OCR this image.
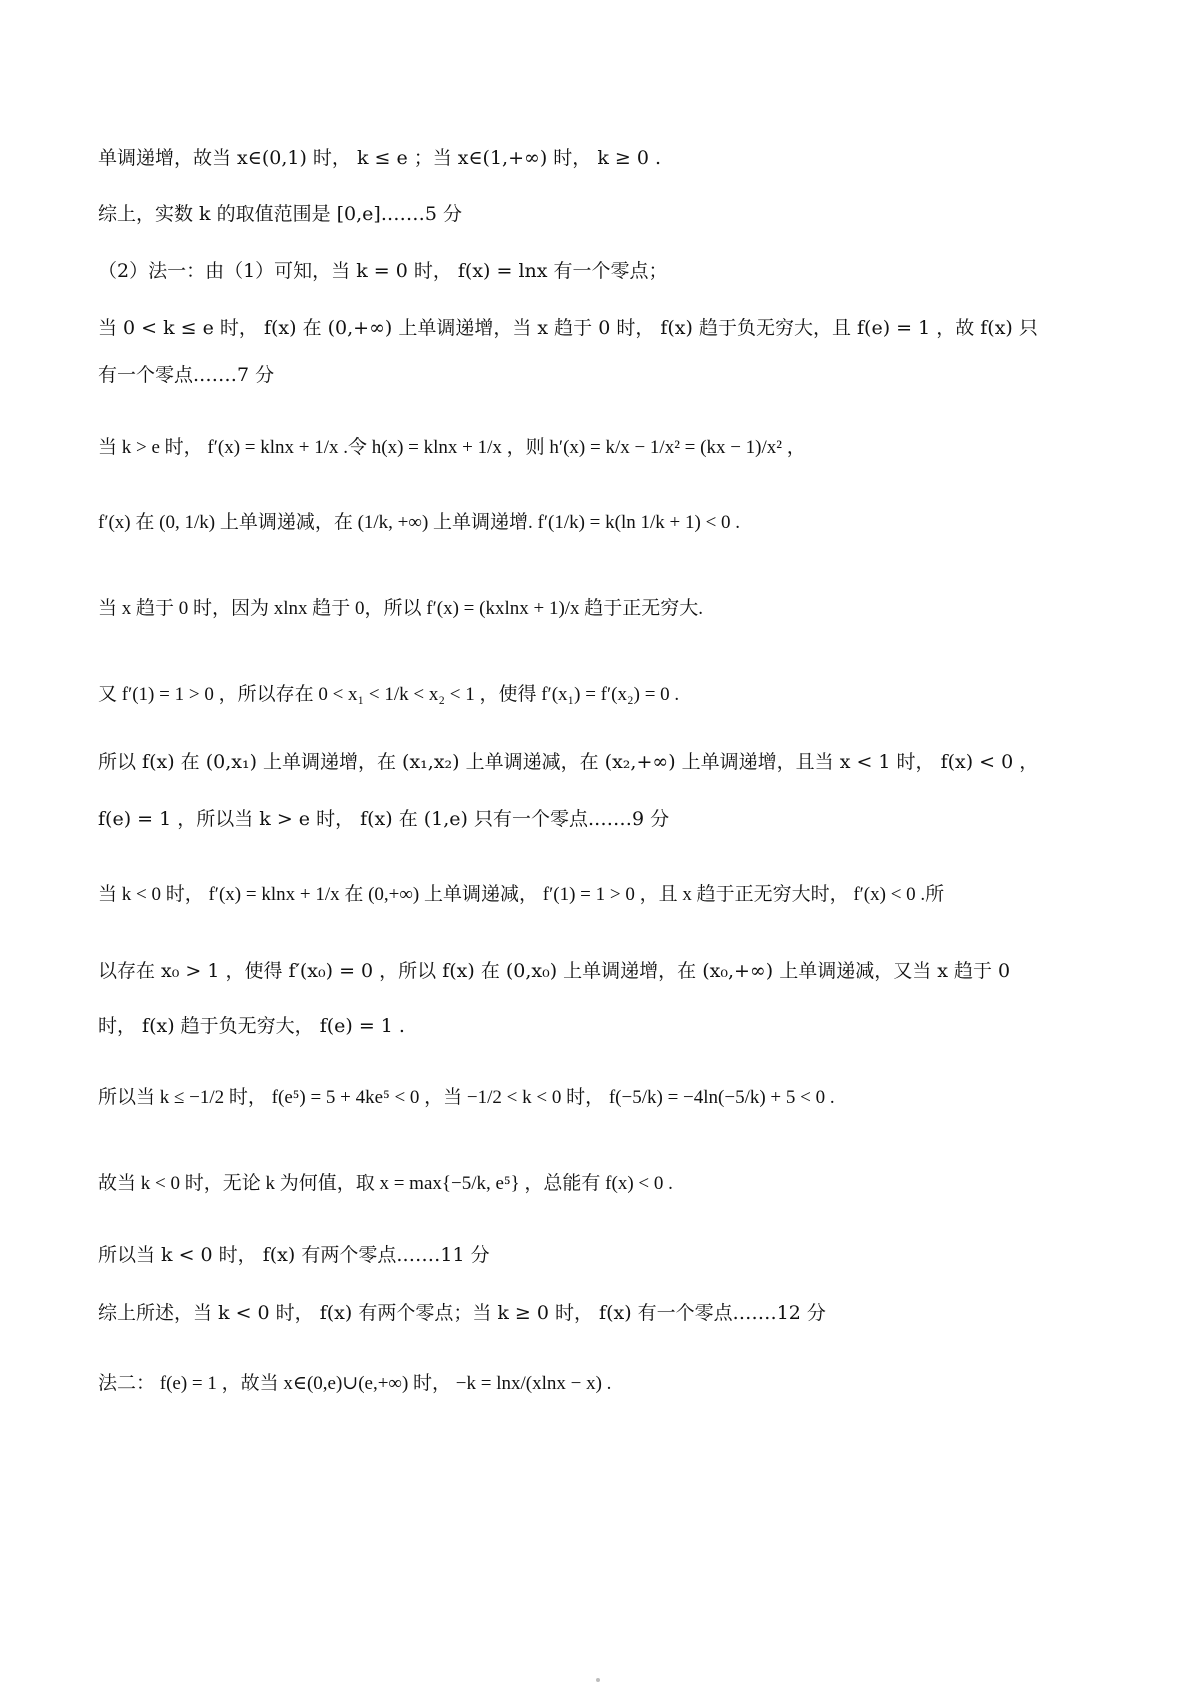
单调递增，故当 x∈(0,1) 时， k ≤ e ；当 x∈(1,+∞) 时， k ≥ 0 .
综上，实数 k 的取值范围是 [0,e].……5 分
（2）法一：由（1）可知，当 k = 0 时， f(x) = lnx 有一个零点；
当 0 < k ≤ e 时， f(x) 在 (0,+∞) 上单调递增，当 x 趋于 0 时， f(x) 趋于负无穷大，且 f(e) = 1 ，故 f(x) 只
有一个零点.……7 分
当 k > e 时， f′(x) = klnx + 1/x .令 h(x) = klnx + 1/x ，则 h′(x) = k/x − 1/x² = (kx − 1)/x² ，
f′(x) 在 (0, 1/k) 上单调递减，在 (1/k, +∞) 上单调递增. f′(1/k) = k(ln 1/k + 1) < 0 .
当 x 趋于 0 时，因为 xlnx 趋于 0，所以 f′(x) = (kxlnx + 1)/x 趋于正无穷大.
又 f′(1) = 1 > 0 ，所以存在 0 < x₁ < 1/k < x₂ < 1 ，使得 f′(x₁) = f′(x₂) = 0 .
所以 f(x) 在 (0,x₁) 上单调递增，在 (x₁,x₂) 上单调递减，在 (x₂,+∞) 上单调递增，且当 x < 1 时， f(x) < 0 ，
f(e) = 1 ，所以当 k > e 时， f(x) 在 (1,e) 只有一个零点.……9 分
当 k < 0 时， f′(x) = klnx + 1/x 在 (0,+∞) 上单调递减， f′(1) = 1 > 0 ，且 x 趋于正无穷大时， f′(x) < 0 .所
以存在 x₀ > 1 ，使得 f′(x₀) = 0 ，所以 f(x) 在 (0,x₀) 上单调递增，在 (x₀,+∞) 上单调递减，又当 x 趋于 0
时， f(x) 趋于负无穷大， f(e) = 1 .
所以当 k ≤ −1/2 时， f(e⁵) = 5 + 4ke⁵ < 0 ，当 −1/2 < k < 0 时， f(−5/k) = −4ln(−5/k) + 5 < 0 .
故当 k < 0 时，无论 k 为何值，取 x = max{−5/k, e⁵} ，总能有 f(x) < 0 .
所以当 k < 0 时， f(x) 有两个零点.……11 分
综上所述，当 k < 0 时， f(x) 有两个零点；当 k ≥ 0 时， f(x) 有一个零点.……12 分
法二： f(e) = 1 ，故当 x∈(0,e)∪(e,+∞) 时， −k = lnx/(xlnx − x) .
